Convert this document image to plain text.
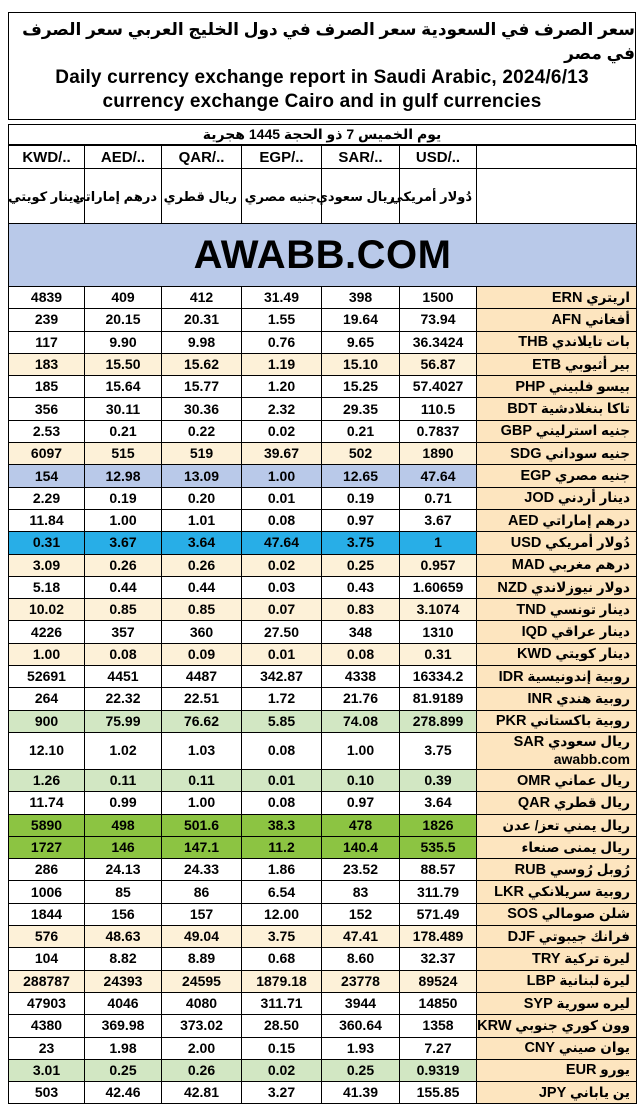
سعر الصرف في السعودية سعر الصرف في دول الخليج العربي سعر الصرف في مصر
Daily currency exchange report in Saudi Arabic, 2024/6/13
currency exchange Cairo and in gulf currencies
يوم الخميس 7 ذو الحجة 1445 هجرية
KWD/..	AED/..	QAR/..	EGP/..	SAR/..	USD/..	
دينار كويتي	درهم إماراتي	ريال قطري	جنيه مصري	ريال سعودي	دُولار أمريكي	
AWABB.COM						
4839	409	412	31.49	398	1500	اريتري ERN
239	20.15	20.31	1.55	19.64	73.94	أفغاني AFN
117	9.90	9.98	0.76	9.65	36.3424	بات تايلاندي THB
183	15.50	15.62	1.19	15.10	56.87	بير أثيوبي ETB
185	15.64	15.77	1.20	15.25	57.4027	بيسو فلبيني PHP
356	30.11	30.36	2.32	29.35	110.5	تاكا بنغلادشية BDT
2.53	0.21	0.22	0.02	0.21	0.7837	جنيه استرليني GBP
6097	515	519	39.67	502	1890	جنيه سوداني SDG
154	12.98	13.09	1.00	12.65	47.64	جنيه مصري EGP
2.29	0.19	0.20	0.01	0.19	0.71	دينار أردني JOD
11.84	1.00	1.01	0.08	0.97	3.67	درهم إماراتي AED
0.31	3.67	3.64	47.64	3.75	1	دُولار أمريكي USD
3.09	0.26	0.26	0.02	0.25	0.957	درهم مغربي MAD
5.18	0.44	0.44	0.03	0.43	1.60659	دولار نيوزلاندي NZD
10.02	0.85	0.85	0.07	0.83	3.1074	دينار تونسي TND
4226	357	360	27.50	348	1310	دينار عراقي IQD
1.00	0.08	0.09	0.01	0.08	0.31	دينار كويتي KWD
52691	4451	4487	342.87	4338	16334.2	روبية إندونيسية IDR
264	22.32	22.51	1.72	21.76	81.9189	روبية هندي INR
900	75.99	76.62	5.85	74.08	278.899	روبية باكستاني PKR
12.10	1.02	1.03	0.08	1.00	3.75	ريال سعودي SAR
awabb.com
1.26	0.11	0.11	0.01	0.10	0.39	ريال عماني OMR
11.74	0.99	1.00	0.08	0.97	3.64	ريال قطري QAR
5890	498	501.6	38.3	478	1826	ريال يمني تعز/ عدن
1727	146	147.1	11.2	140.4	535.5	ريال يمنى صنعاء
286	24.13	24.33	1.86	23.52	88.57	رُوبل رُوسي RUB
1006	85	86	6.54	83	311.79	روبية سريلانكي LKR
1844	156	157	12.00	152	571.49	شلن صومالي SOS
576	48.63	49.04	3.75	47.41	178.489	فرانك جيبوتي DJF
104	8.82	8.89	0.68	8.60	32.37	ليرة تركية TRY
288787	24393	24595	1879.18	23778	89524	ليرة لبنانية LBP
47903	4046	4080	311.71	3944	14850	ليره سورية SYP
4380	369.98	373.02	28.50	360.64	1358	وون كوري جنوبي KRW
23	1.98	2.00	0.15	1.93	7.27	يوان صيني CNY
3.01	0.25	0.26	0.02	0.25	0.9319	يورو EUR
503	42.46	42.81	3.27	41.39	155.85	ين ياباني JPY
